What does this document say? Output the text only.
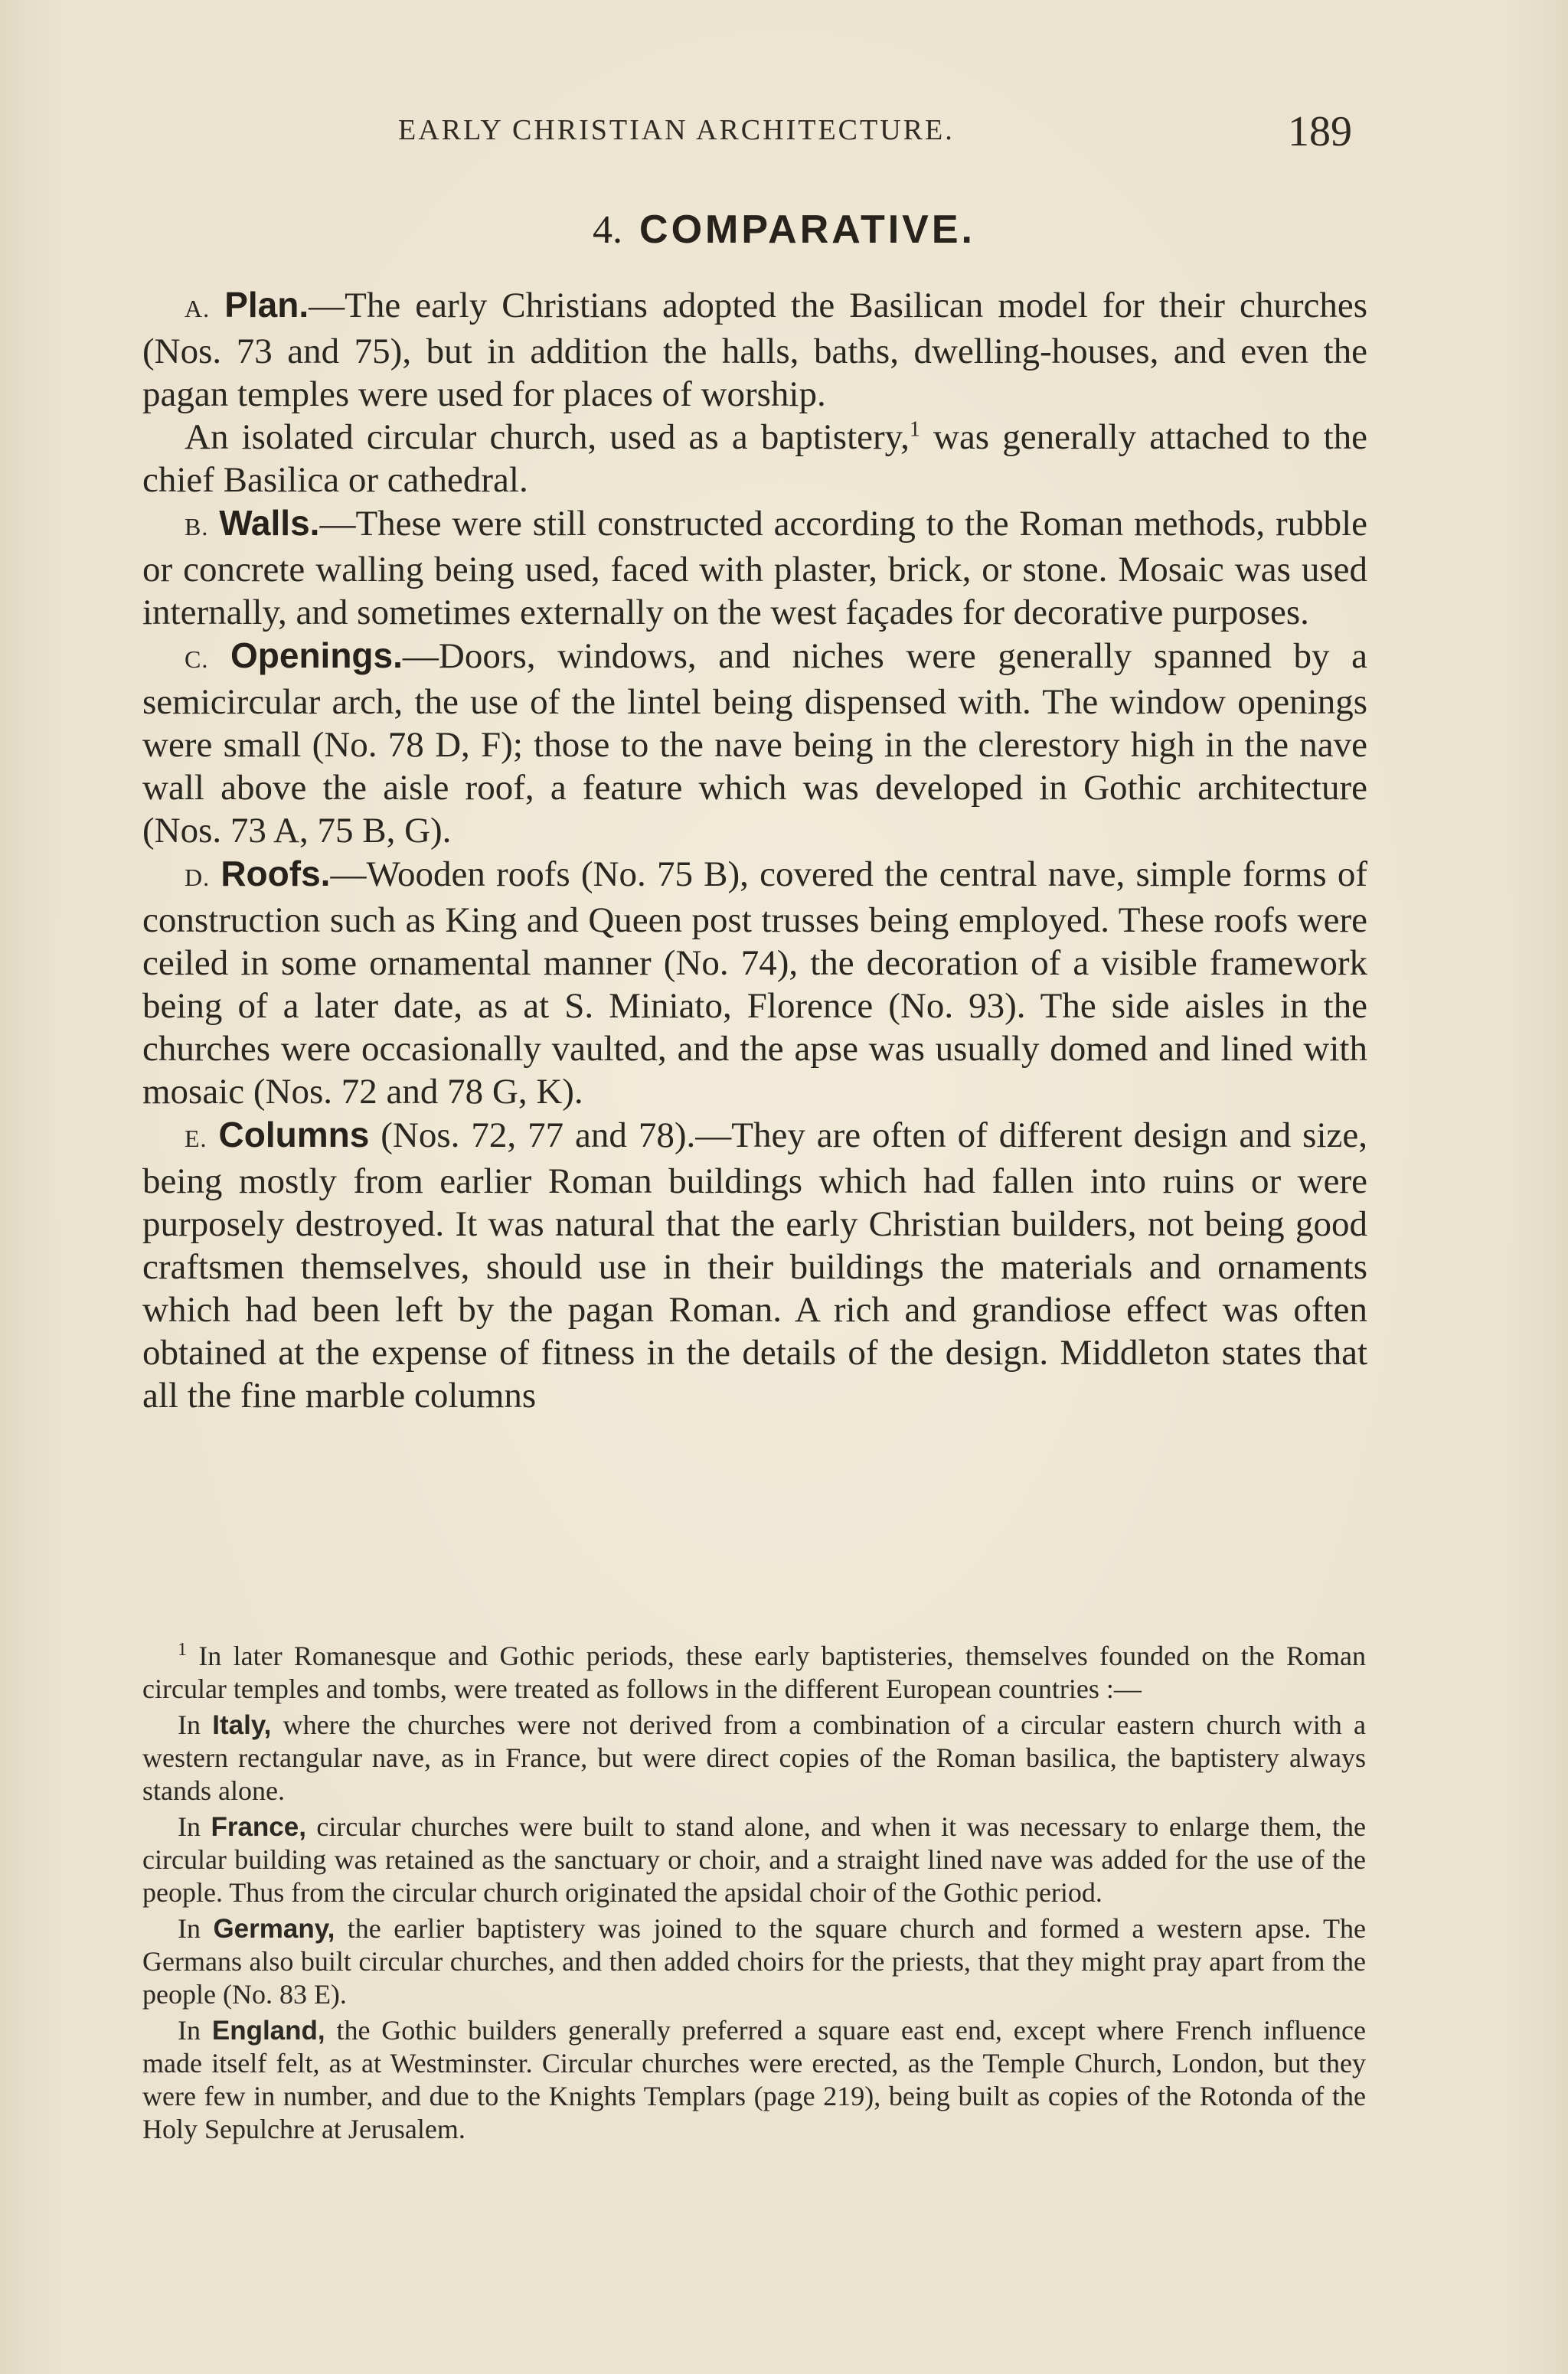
EARLY CHRISTIAN ARCHITECTURE.	189
4. COMPARATIVE.

A. Plan.—The early Christians adopted the Basilican model for their churches (Nos. 73 and 75), but in addition the halls, baths, dwelling-houses, and even the pagan temples were used for places of worship.

An isolated circular church, used as a baptistery,$^1$ was generally attached to the chief Basilica or cathedral.

B. Walls.—These were still constructed according to the Roman methods, rubble or concrete walling being used, faced with plaster, brick, or stone. Mosaic was used internally, and sometimes externally on the west façades for decorative purposes.

C. Openings.—Doors, windows, and niches were generally spanned by a semicircular arch, the use of the lintel being dispensed with. The window openings were small (No. 78 D, F); those to the nave being in the clerestory high in the nave wall above the aisle roof, a feature which was developed in Gothic architecture (Nos. 73 A, 75 B, G).

D. Roofs.—Wooden roofs (No. 75 B), covered the central nave, simple forms of construction such as King and Queen post trusses being employed. These roofs were ceiled in some ornamental manner (No. 74), the decoration of a visible framework being of a later date, as at S. Miniato, Florence (No. 93). The side aisles in the churches were occasionally vaulted, and the apse was usually domed and lined with mosaic (Nos. 72 and 78 G, K).

E. Columns (Nos. 72, 77 and 78).—They are often of different design and size, being mostly from earlier Roman buildings which had fallen into ruins or were purposely destroyed. It was natural that the early Christian builders, not being good craftsmen themselves, should use in their buildings the materials and ornaments which had been left by the pagan Roman. A rich and grandiose effect was often obtained at the expense of fitness in the details of the design. Middleton states that all the fine marble columns

$^1$ In later Romanesque and Gothic periods, these early baptisteries, themselves founded on the Roman circular temples and tombs, were treated as follows in the different European countries :—

In Italy, where the churches were not derived from a combination of a circular eastern church with a western rectangular nave, as in France, but were direct copies of the Roman basilica, the baptistery always stands alone.

In France, circular churches were built to stand alone, and when it was necessary to enlarge them, the circular building was retained as the sanctuary or choir, and a straight lined nave was added for the use of the people. Thus from the circular church originated the apsidal choir of the Gothic period.

In Germany, the earlier baptistery was joined to the square church and formed a western apse. The Germans also built circular churches, and then added choirs for the priests, that they might pray apart from the people (No. 83 E).

In England, the Gothic builders generally preferred a square east end, except where French influence made itself felt, as at Westminster. Circular churches were erected, as the Temple Church, London, but they were few in number, and due to the Knights Templars (page 219), being built as copies of the Rotonda of the Holy Sepulchre at Jerusalem.
